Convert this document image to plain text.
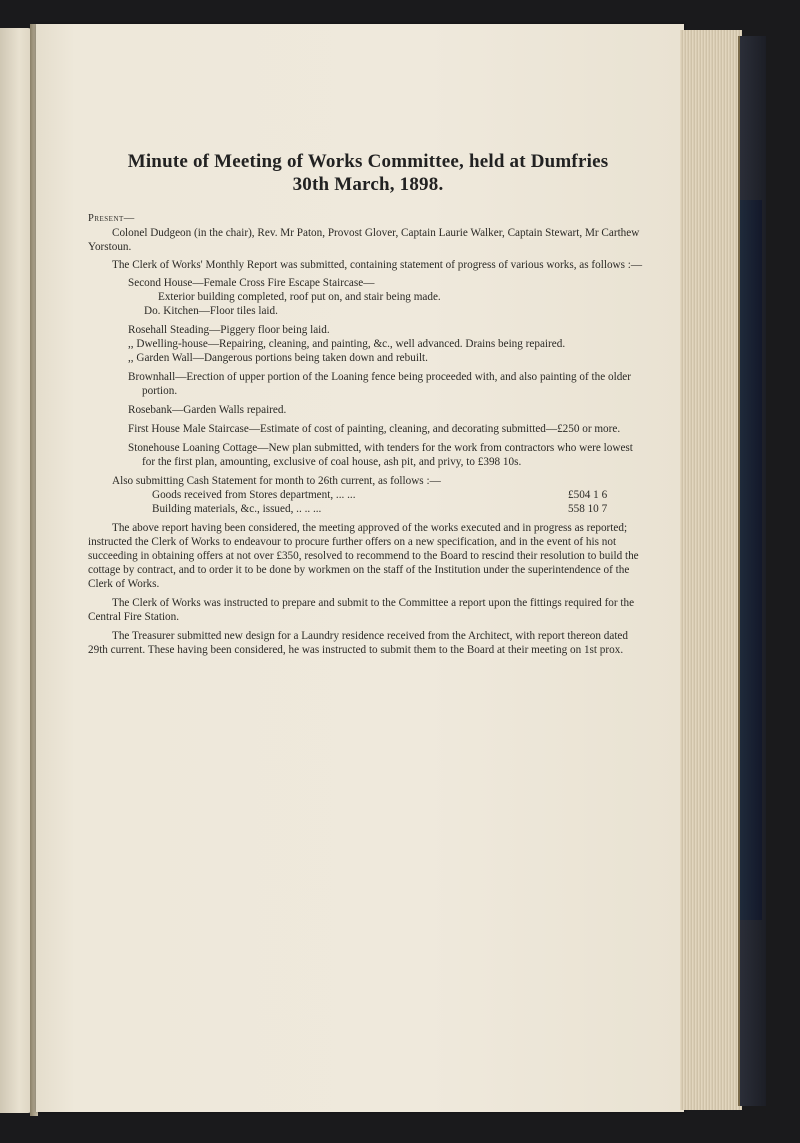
Minute of Meeting of Works Committee, held at Dumfries
30th March, 1898.

Present—

Colonel Dudgeon (in the chair), Rev. Mr Paton, Provost Glover, Captain Laurie Walker, Captain Stewart, Mr Carthew Yorstoun.

The Clerk of Works' Monthly Report was submitted, containing statement of progress of various works, as follows :—

Second House—Female Cross Fire Escape Staircase—

Exterior building completed, roof put on, and stair being made.

Do. Kitchen—Floor tiles laid.

Rosehall Steading—Piggery floor being laid.

,, Dwelling-house—Repairing, cleaning, and painting, &c., well advanced. Drains being repaired.

,, Garden Wall—Dangerous portions being taken down and rebuilt.

Brownhall—Erection of upper portion of the Loaning fence being proceeded with, and also painting of the older portion.

Rosebank—Garden Walls repaired.

First House Male Staircase—Estimate of cost of painting, cleaning, and decorating submitted—£250 or more.

Stonehouse Loaning Cottage—New plan submitted, with tenders for the work from contractors who were lowest for the first plan, amounting, exclusive of coal house, ash pit, and privy, to £398 10s.

Also submitting Cash Statement for month to 26th current, as follows :—

Goods received from Stores department, ... ...	£504 1 6
Building materials, &c., issued, .. .. ...	558 10 7

The above report having been considered, the meeting approved of the works executed and in progress as reported; instructed the Clerk of Works to endeavour to procure further offers on a new specification, and in the event of his not succeeding in obtaining offers at not over £350, resolved to recommend to the Board to rescind their resolution to build the cottage by contract, and to order it to be done by workmen on the staff of the Institution under the superintendence of the Clerk of Works.

The Clerk of Works was instructed to prepare and submit to the Committee a report upon the fittings required for the Central Fire Station.

The Treasurer submitted new design for a Laundry residence received from the Architect, with report thereon dated 29th current. These having been considered, he was instructed to submit them to the Board at their meeting on 1st prox.
